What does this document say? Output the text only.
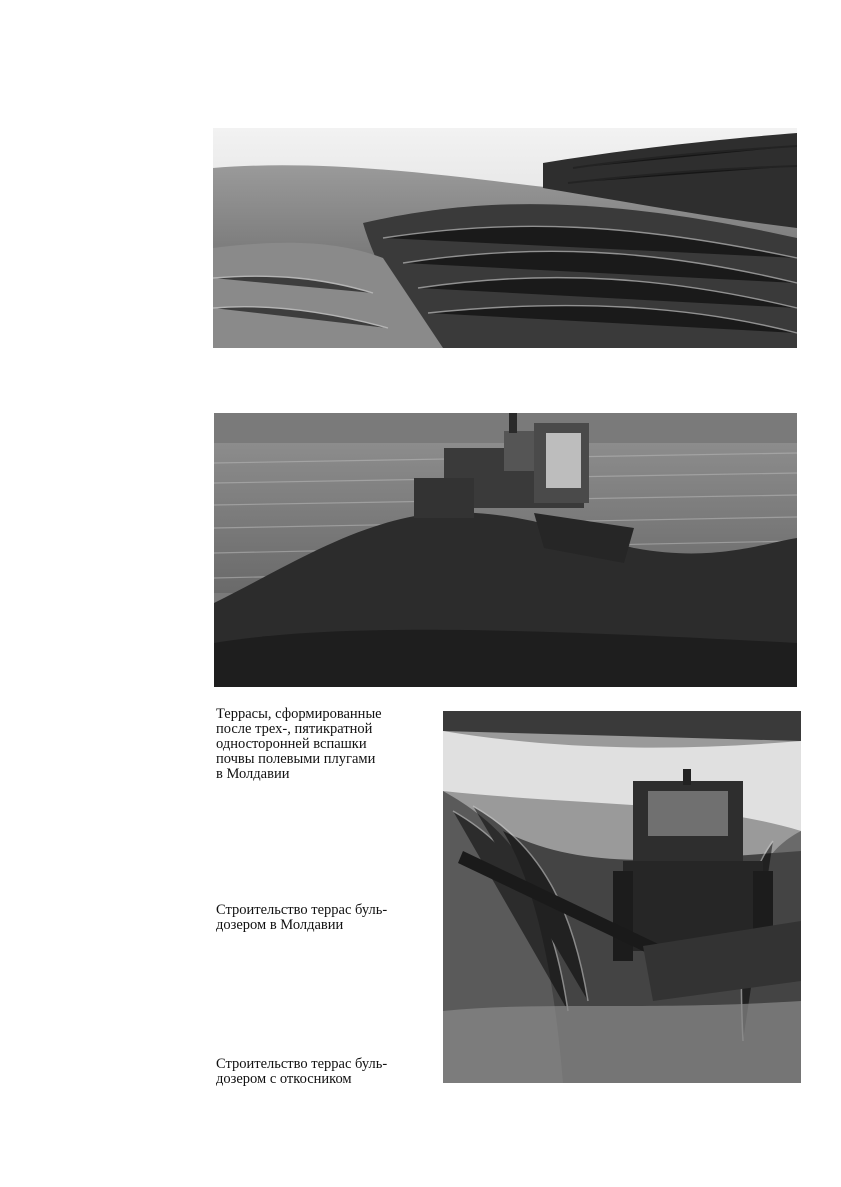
Террасы, сформированные
после трех-, пятикратной
односторонней вспашки
почвы полевыми плугами
в Молдавии
Строительство террас буль-
дозером в Молдавии
Строительство террас буль-
дозером с откосником
